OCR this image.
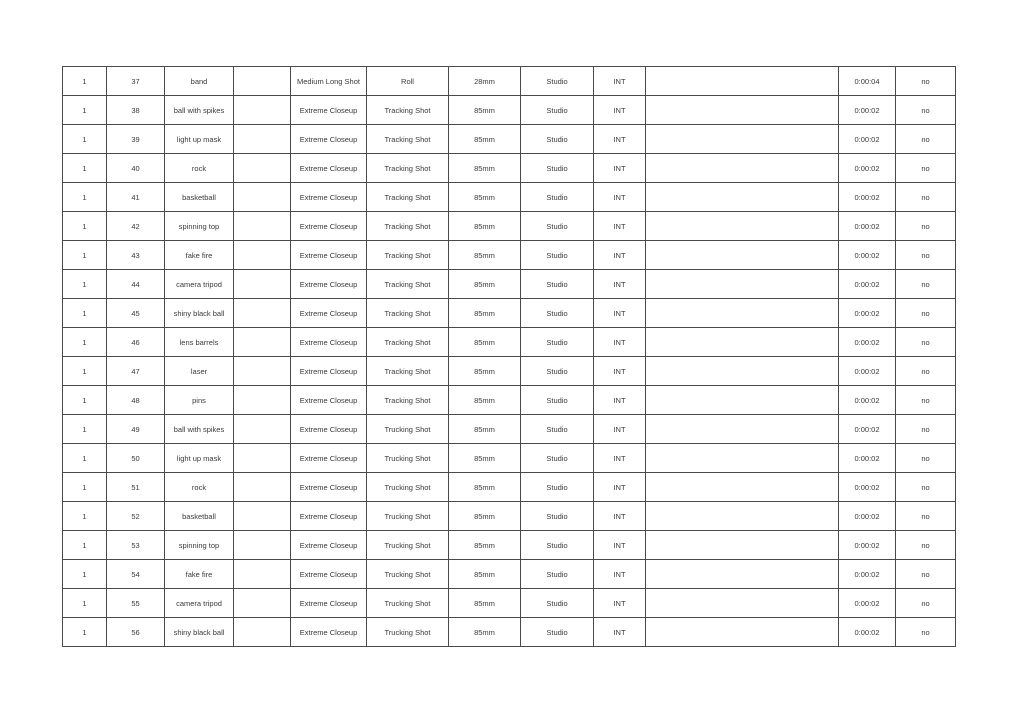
1	37	band		Medium Long Shot	Roll	28mm	Studio	INT		0:00:04	no
1	38	ball with spikes		Extreme Closeup	Tracking Shot	85mm	Studio	INT		0:00:02	no
1	39	light up mask		Extreme Closeup	Tracking Shot	85mm	Studio	INT		0:00:02	no
1	40	rock		Extreme Closeup	Tracking Shot	85mm	Studio	INT		0:00:02	no
1	41	basketball		Extreme Closeup	Tracking Shot	85mm	Studio	INT		0:00:02	no
1	42	spinning top		Extreme Closeup	Tracking Shot	85mm	Studio	INT		0:00:02	no
1	43	fake fire		Extreme Closeup	Tracking Shot	85mm	Studio	INT		0:00:02	no
1	44	camera tripod		Extreme Closeup	Tracking Shot	85mm	Studio	INT		0:00:02	no
1	45	shiny black ball		Extreme Closeup	Tracking Shot	85mm	Studio	INT		0:00:02	no
1	46	lens barrels		Extreme Closeup	Tracking Shot	85mm	Studio	INT		0:00:02	no
1	47	laser		Extreme Closeup	Tracking Shot	85mm	Studio	INT		0:00:02	no
1	48	pins		Extreme Closeup	Tracking Shot	85mm	Studio	INT		0:00:02	no
1	49	ball with spikes		Extreme Closeup	Trucking Shot	85mm	Studio	INT		0:00:02	no
1	50	light up mask		Extreme Closeup	Trucking Shot	85mm	Studio	INT		0:00:02	no
1	51	rock		Extreme Closeup	Trucking Shot	85mm	Studio	INT		0:00:02	no
1	52	basketball		Extreme Closeup	Trucking Shot	85mm	Studio	INT		0:00:02	no
1	53	spinning top		Extreme Closeup	Trucking Shot	85mm	Studio	INT		0:00:02	no
1	54	fake fire		Extreme Closeup	Trucking Shot	85mm	Studio	INT		0:00:02	no
1	55	camera tripod		Extreme Closeup	Trucking Shot	85mm	Studio	INT		0:00:02	no
1	56	shiny black ball		Extreme Closeup	Trucking Shot	85mm	Studio	INT		0:00:02	no
